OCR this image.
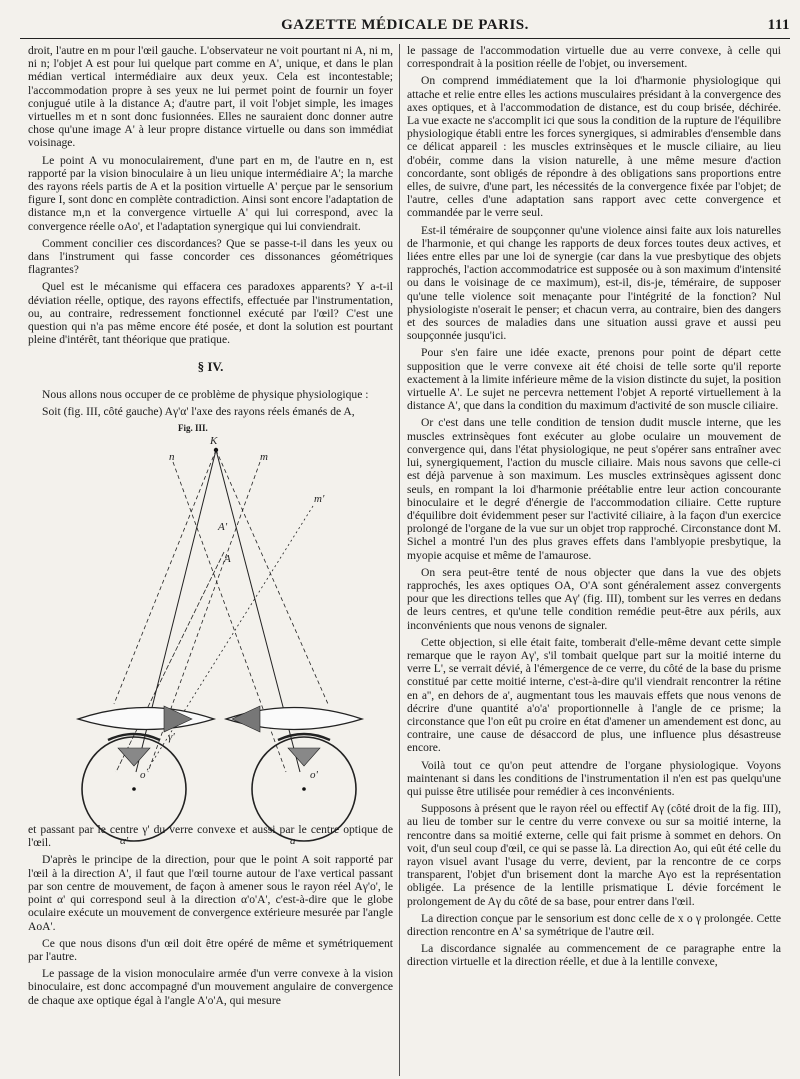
GAZETTE MÉDICALE DE PARIS.	111

droit, l'autre en m pour l'œil gauche. L'observateur ne voit pourtant ni A, ni m, ni n; l'objet A est pour lui quelque part comme en A', unique, et dans le plan médian vertical intermédiaire aux deux yeux. Cela est incontestable; l'accommodation propre à ses yeux ne lui permet point de fournir un foyer conjugué utile à la distance A; d'autre part, il voit l'objet simple, les images virtuelles m et n sont donc fusionnées. Elles ne sauraient donc donner autre chose qu'une image A' à leur propre distance virtuelle ou dans son immédiat voisinage.

Le point A vu monoculairement, d'une part en m, de l'autre en n, est rapporté par la vision binoculaire à un lieu unique intermédiaire A'; la marche des rayons réels partis de A et la position virtuelle A' perçue par le sensorium figure I, sont donc en complète contradiction. Ainsi sont encore l'adaptation de distance m,n et la convergence virtuelle A' qui lui correspond, avec la convergence réelle oAo', et l'adaptation synergique qui lui conviendrait.

Comment concilier ces discordances? Que se passe-t-il dans les yeux ou dans l'instrument qui fasse concorder ces dissonances géométriques flagrantes?

Quel est le mécanisme qui effacera ces paradoxes apparents? Y a-t-il déviation réelle, optique, des rayons effectifs, effectuée par l'instrumentation, ou, au contraire, redressement fonctionnel exécuté par l'œil? C'est une question qui n'a pas même encore été posée, et dont la solution est pourtant pleine d'intérêt, tant théorique que pratique.

§ IV.

Nous allons nous occuper de ce problème de physique physiologique :

Soit (fig. III, côté gauche) Aγ'α' l'axe des rayons réels émanés de A,

Fig. III.
K
A
A'
n	m
m'
o	o'
γ'
α'	a

et passant par le centre γ' du verre convexe et aussi par le centre optique de l'œil.

D'après le principe de la direction, pour que le point A soit rapporté par l'œil à la direction A', il faut que l'œil tourne autour de l'axe vertical passant par son centre de mouvement, de façon à amener sous le rayon réel Aγ'o', le point α' qui correspond seul à la direction α'o'A', c'est-à-dire que le globe oculaire exécute un mouvement de convergence extérieure mesurée par l'angle AoA'.

Ce que nous disons d'un œil doit être opéré de même et symétriquement par l'autre.

Le passage de la vision monoculaire armée d'un verre convexe à la vision binoculaire, est donc accompagné d'un mouvement angulaire de convergence de chaque axe optique égal à l'angle A'o'A, qui mesure

le passage de l'accommodation virtuelle due au verre convexe, à celle qui correspondrait à la position réelle de l'objet, ou inversement.

On comprend immédiatement que la loi d'harmonie physiologique qui attache et relie entre elles les actions musculaires présidant à la convergence des axes optiques, et à l'accommodation de distance, est du coup brisée, déchirée. La vue exacte ne s'accomplit ici que sous la condition de la rupture de l'équilibre physiologique établi entre les forces synergiques, si admirables d'ensemble dans ce délicat appareil : les muscles extrinsèques et le muscle ciliaire, au lieu d'obéir, comme dans la vision naturelle, à une même mesure d'action concordante, sont obligés de répondre à des obligations sans proportions entre elles, de suivre, d'une part, les nécessités de la convergence fixée par l'objet; de l'autre, celles d'une adaptation sans rapport avec cette convergence et commandée par le verre seul.

Est-il téméraire de soupçonner qu'une violence ainsi faite aux lois naturelles de l'harmonie, et qui change les rapports de deux forces toutes deux actives, et liées entre elles par une loi de synergie (car dans la vue presbytique des objets rapprochés, l'action accommodatrice est supposée ou à son maximum d'intensité ou dans le voisinage de ce maximum), est-il, dis-je, téméraire, de supposer qu'une telle violence soit menaçante pour l'intégrité de la fonction? Nul physiologiste n'oserait le penser; et chacun verra, au contraire, bien des dangers et des sources de maladies dans une situation aussi grave et aussi peu soupçonnée jusqu'ici.

Pour s'en faire une idée exacte, prenons pour point de départ cette supposition que le verre convexe ait été choisi de telle sorte qu'il reporte exactement à la limite inférieure même de la vision distincte du sujet, la position virtuelle A'. Le sujet ne percevra nettement l'objet A reporté virtuellement à la distance A', que dans la condition du maximum d'activité de son muscle ciliaire.

Or c'est dans une telle condition de tension dudit muscle interne, que les muscles extrinsèques font exécuter au globe oculaire un mouvement de convergence qui, dans l'état physiologique, ne peut s'opérer sans entraîner avec lui, synergiquement, l'action du muscle ciliaire. Mais nous savons que celle-ci est déjà parvenue à son maximum. Les muscles extrinsèques agissent donc seuls, en rompant la loi d'harmonie préétablie entre leur action concourante binoculaire et le degré d'énergie de l'accommodation ciliaire. Cette rupture d'équilibre doit évidemment peser sur l'activité ciliaire, à la façon d'un exercice prolongé de l'organe de la vue sur un objet trop rapproché. Circonstance dont M. Sichel a montré l'un des plus graves effets dans l'amblyopie presbytique, la myopie acquise et même de l'amaurose.

On sera peut-être tenté de nous objecter que dans la vue des objets rapprochés, les axes optiques OA, O'A sont généralement assez convergents pour que les directions telles que Aγ' (fig. III), tombent sur les verres en dedans de leurs centres, et qu'une telle condition remédie peut-être aux périls, aux inconvénients que nous venons de signaler.

Cette objection, si elle était faite, tomberait d'elle-même devant cette simple remarque que le rayon Aγ', s'il tombait quelque part sur la moitié interne du verre L', se verrait dévié, à l'émergence de ce verre, du côté de la base du prisme constitué par cette moitié interne, c'est-à-dire qu'il viendrait rencontrer la rétine en a'', en dehors de a', augmentant tous les mauvais effets que nous venons de décrire d'une quantité a'o'a' proportionnelle à l'angle de ce prisme; la circonstance que l'on eût pu croire en état d'amener un amendement est donc, au contraire, une cause de désaccord de plus, une influence plus désastreuse encore.

Voilà tout ce qu'on peut attendre de l'organe physiologique. Voyons maintenant si dans les conditions de l'instrumentation il n'en est pas quelqu'une qui puisse être utilisée pour remédier à ces inconvénients.

Supposons à présent que le rayon réel ou effectif Aγ (côté droit de la fig. III), au lieu de tomber sur le centre du verre convexe ou sur sa moitié interne, la rencontre dans sa moitié externe, celle qui fait prisme à sommet en dehors. On voit, d'un seul coup d'œil, ce qui se passe là. La direction Ao, qui eût été celle du rayon visuel avant l'usage du verre, devient, par la rencontre de ce corps transparent, l'objet d'un brisement dont la marche Aγo est la représentation obligée. La présence de la lentille prismatique L dévie forcément le prolongement de Aγ du côté de sa base, pour entrer dans l'œil.

La direction conçue par le sensorium est donc celle de x o γ prolongée. Cette direction rencontre en A' sa symétrique de l'autre œil.

La discordance signalée au commencement de ce paragraphe entre la direction virtuelle et la direction réelle, et due à la lentille convexe,
